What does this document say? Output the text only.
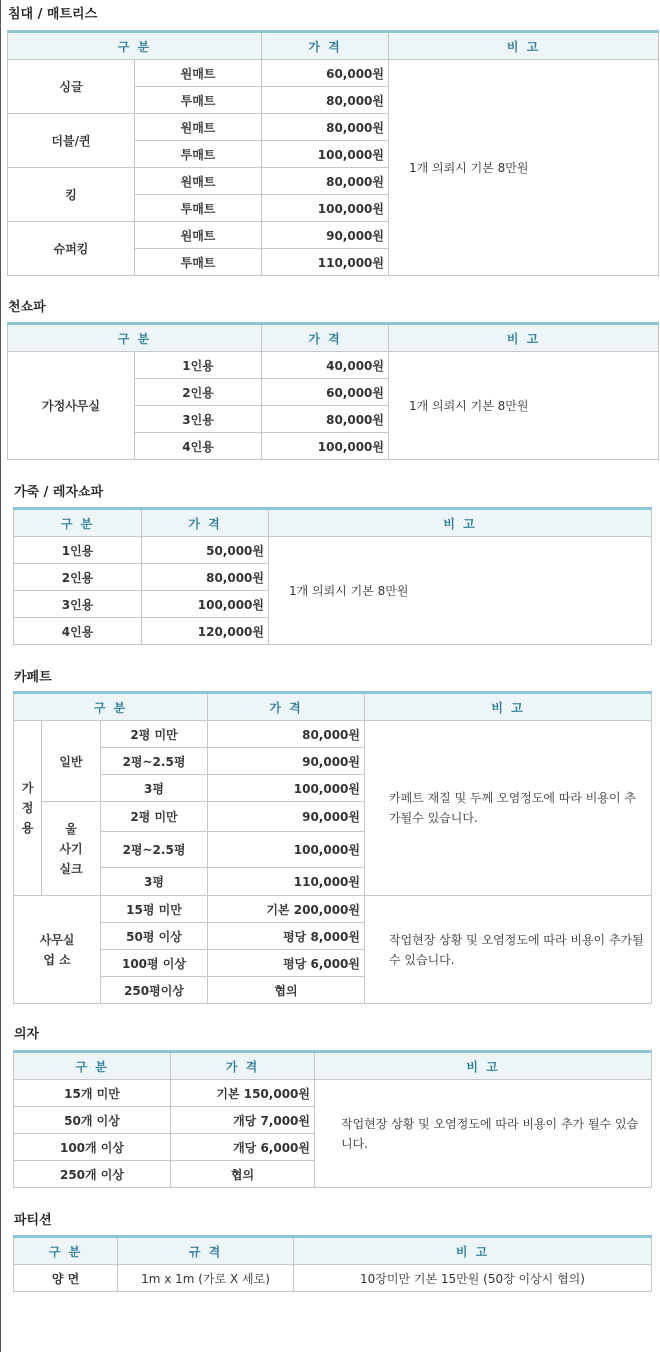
침대 / 매트리스
구 분		가 격	비 고
싱글	원매트	60,000원	1개 의뢰시 기본 8만원
	투매트	80,000원	
더블/퀸	원매트	80,000원	
	투매트	100,000원	
킹	원매트	80,000원	
	투매트	100,000원	
슈퍼킹	원매트	90,000원	
	투매트	110,000원	
천쇼파
구 분		가 격	비 고
가정사무실	1인용	40,000원	1개 의뢰시 기본 8만원
	2인용	60,000원	
	3인용	80,000원	
	4인용	100,000원	
가죽 / 레자쇼파
구 분	가 격	비 고
1인용	50,000원	1개 의뢰시 기본 8만원
2인용	80,000원	
3인용	100,000원	
4인용	120,000원	
카페트
구 분			가 격	비 고
가
정
용	일반	2평 미만	80,000원	카페트 재질 및 두께 오염정도에 따라 비용이 추가될수 있습니다.
		2평~2.5평	90,000원	
		3평	100,000원	
	울
사기
실크	2평 미만	90,000원	
		2평~2.5평	100,000원	
		3평	110,000원	
사무실
업 소		15평 미만	기본 200,000원	작업현장 상황 및 오염정도에 따라 비용이 추가될수 있습니다.
		50평 이상	평당 8,000원	
		100평 이상	평당 6,000원	
		250평이상	협의	
의자
구 분	가 격	비 고
15개 미만	기본 150,000원	작업현장 상황 및 오염정도에 따라 비용이 추가 될수 있습니다.
50개 이상	개당 7,000원	
100개 이상	개당 6,000원	
250개 이상	협의	
파티션
구 분	규 격	비 고
양 면	1m x 1m (가로 X 세로)	10장미만 기본 15만원 (50장 이상시 협의)
